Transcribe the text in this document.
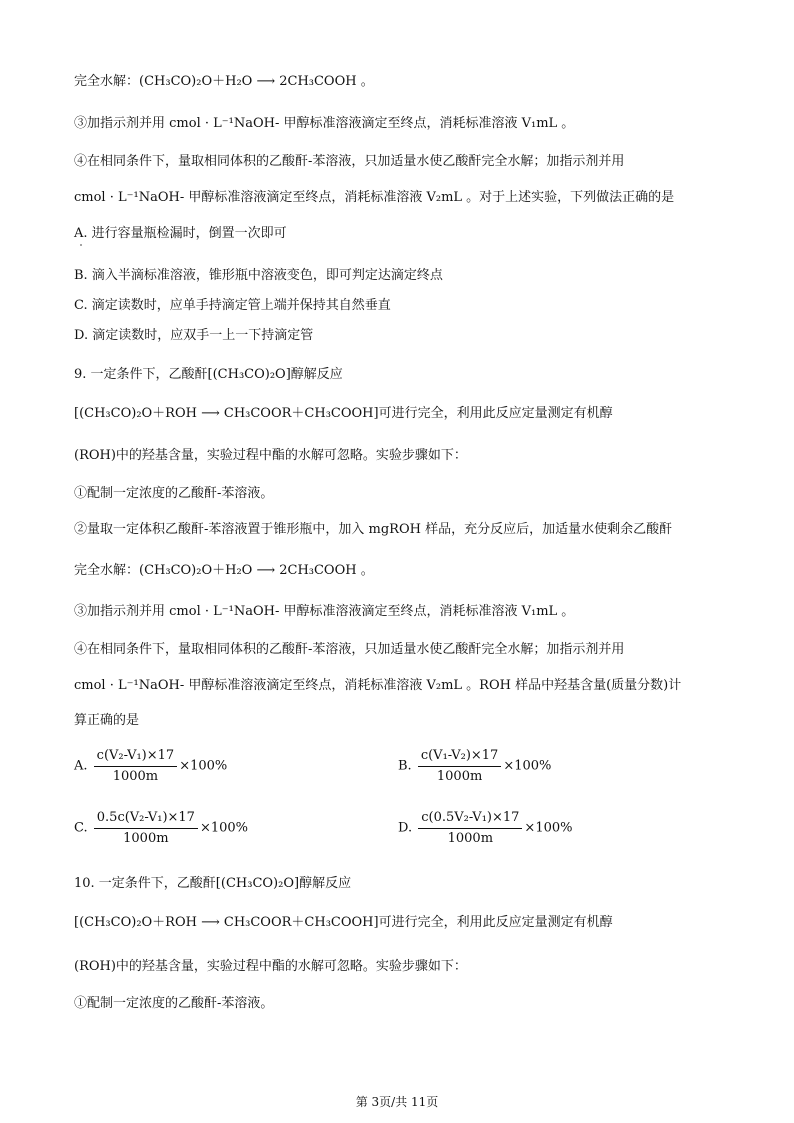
完全水解：(CH₃CO)₂O＋H₂O ⟶ 2CH₃COOH 。
③加指示剂并用 cmol · L⁻¹NaOH- 甲醇标准溶液滴定至终点，消耗标准溶液 V₁mL 。
④在相同条件下，量取相同体积的乙酸酐-苯溶液，只加适量水使乙酸酐完全水解；加指示剂并用
cmol · L⁻¹NaOH- 甲醇标准溶液滴定至终点，消耗标准溶液 V₂mL 。对于上述实验，下列做法正确的是
A. 进行容量瓶检漏时，倒置一次即可
B. 滴入半滴标准溶液，锥形瓶中溶液变色，即可判定达滴定终点
C. 滴定读数时，应单手持滴定管上端并保持其自然垂直
D. 滴定读数时，应双手一上一下持滴定管
9. 一定条件下，乙酸酐[(CH₃CO)₂O]醇解反应
[(CH₃CO)₂O＋ROH ⟶ CH₃COOR＋CH₃COOH]可进行完全，利用此反应定量测定有机醇
(ROH)中的羟基含量，实验过程中酯的水解可忽略。实验步骤如下：
①配制一定浓度的乙酸酐-苯溶液。
②量取一定体积乙酸酐-苯溶液置于锥形瓶中，加入 mgROH 样品，充分反应后，加适量水使剩余乙酸酐
完全水解：(CH₃CO)₂O＋H₂O ⟶ 2CH₃COOH 。
③加指示剂并用 cmol · L⁻¹NaOH- 甲醇标准溶液滴定至终点，消耗标准溶液 V₁mL 。
④在相同条件下，量取相同体积的乙酸酐-苯溶液，只加适量水使乙酸酐完全水解；加指示剂并用
cmol · L⁻¹NaOH- 甲醇标准溶液滴定至终点，消耗标准溶液 V₂mL 。ROH 样品中羟基含量(质量分数)计
算正确的是
A. $\frac{\text{c(V₂-V₁)×17}}{1000m} \times 100\%$	B. $\frac{\text{c(V₁-V₂)×17}}{1000m} \times 100\%$
C. $\frac{\text{0.5c(V₂-V₁)×17}}{1000m} \times 100\%$	D. $\frac{\text{c(0.5V₂-V₁)×17}}{1000m} \times 100\%$
10. 一定条件下，乙酸酐[(CH₃CO)₂O]醇解反应
[(CH₃CO)₂O＋ROH ⟶ CH₃COOR＋CH₃COOH]可进行完全，利用此反应定量测定有机醇
(ROH)中的羟基含量，实验过程中酯的水解可忽略。实验步骤如下：
①配制一定浓度的乙酸酐-苯溶液。
第 3页/共 11页
